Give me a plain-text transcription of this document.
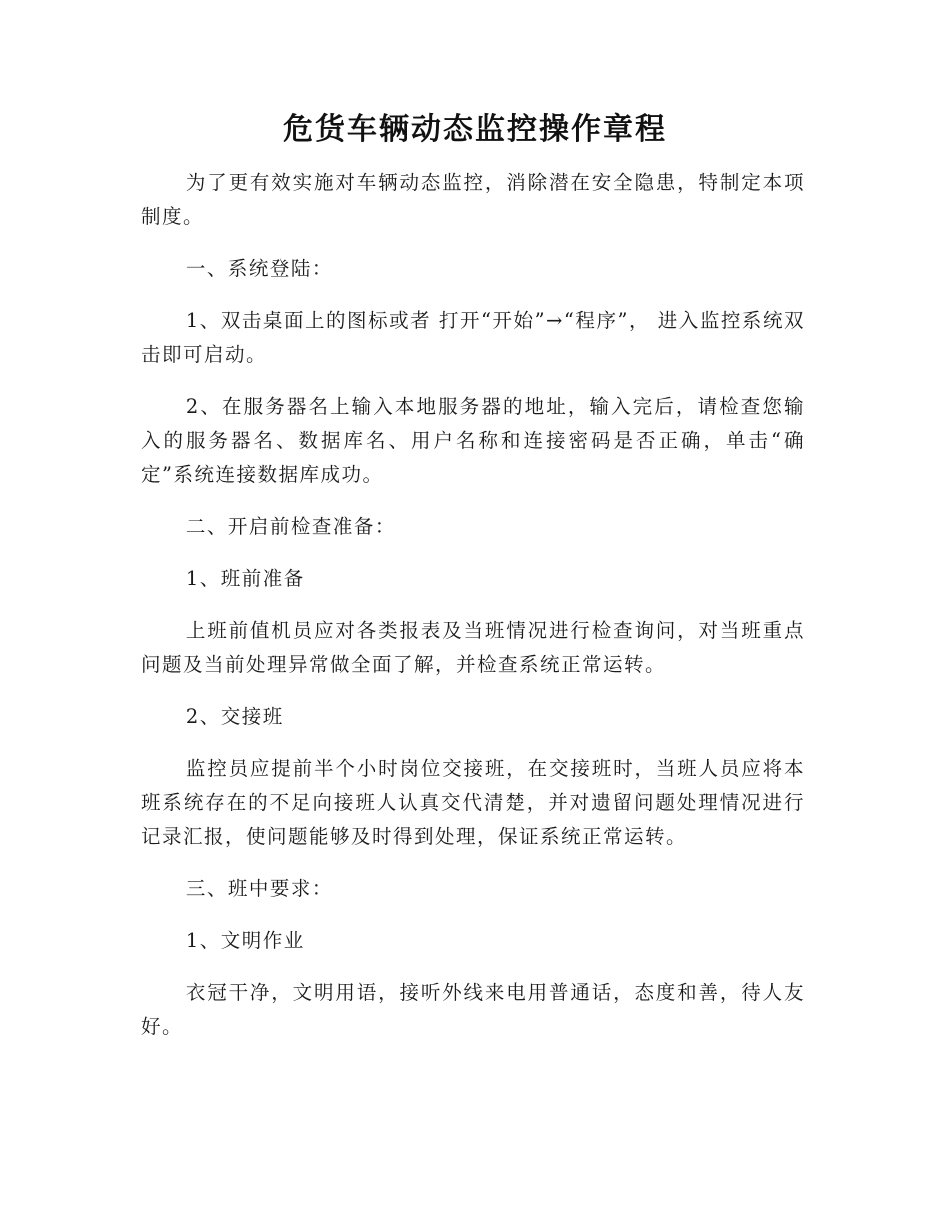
危货车辆动态监控操作章程

为了更有效实施对车辆动态监控，消除潜在安全隐患，特制定本项制度。

一、系统登陆：

1、双击桌面上的图标或者 打开“开始”→“程序”， 进入监控系统双击即可启动。

2、在服务器名上输入本地服务器的地址，输入完后，请检查您输入的服务器名、数据库名、用户名称和连接密码是否正确，单击“确定”系统连接数据库成功。

二、开启前检查准备：

1、班前准备

上班前值机员应对各类报表及当班情况进行检查询问，对当班重点问题及当前处理异常做全面了解，并检查系统正常运转。

2、交接班

监控员应提前半个小时岗位交接班，在交接班时，当班人员应将本班系统存在的不足向接班人认真交代清楚，并对遗留问题处理情况进行记录汇报，使问题能够及时得到处理，保证系统正常运转。

三、班中要求：

1、文明作业

衣冠干净，文明用语，接听外线来电用普通话，态度和善，待人友好。
